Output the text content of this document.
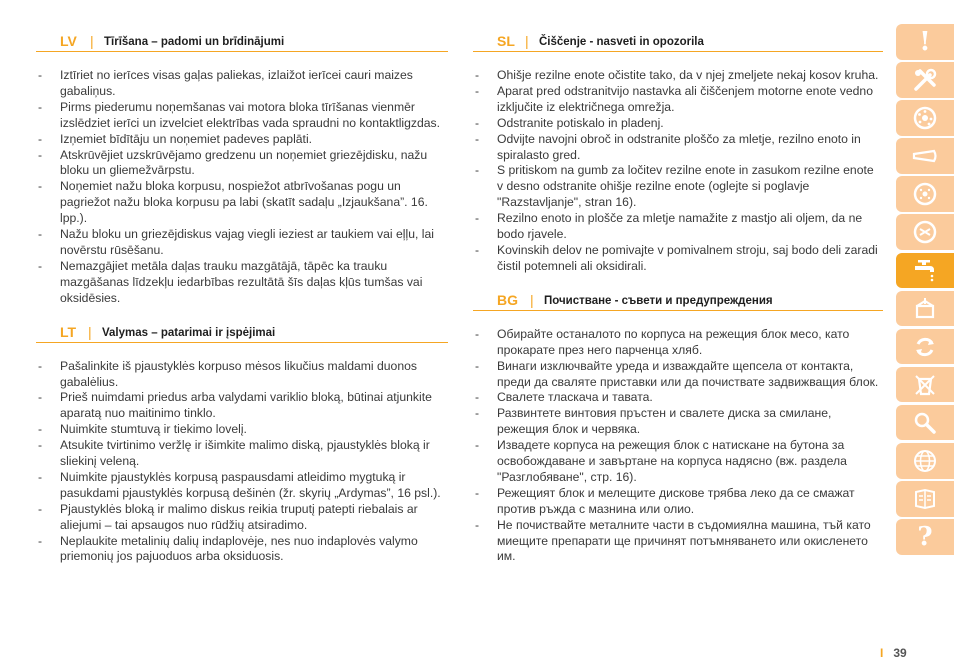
LV | Tīrīšana – padomi un brīdinājumi
- Iztīriet no ierīces visas gaļas paliekas, izlaižot ierīcei cauri maizes gabaliņus.
- Pirms piederumu noņemšanas vai motora bloka tīrīšanas vienmēr izslēdziet ierīci un izvelciet elektrības vada spraudni no kontaktligzdas.
- Izņemiet bīdītāju un noņemiet padeves paplāti.
- Atskrūvējiet uzskrūvējamo gredzenu un noņemiet griezējdisku, nažu bloku un gliemežvārpstu.
- Noņemiet nažu bloka korpusu, nospiežot atbrīvošanas pogu un pagriežot nažu bloka korpusu pa labi (skatīt sadaļu „Izjaukšana”. 16. lpp.).
- Nažu bloku un griezējdiskus vajag viegli ieziest ar taukiem vai eļļu, lai novērstu rūsēšanu.
- Nemazgājiet metāla daļas trauku mazgātājā, tāpēc ka trauku mazgāšanas līdzekļu iedarbības rezultātā šīs daļas kļūs tumšas vai oksidēsies.
LT | Valymas – patarimai ir įspėjimai
- Pašalinkite iš pjaustyklės korpuso mėsos likučius maldami duonos gabalėlius.
- Prieš nuimdami priedus arba valydami variklio bloką, būtinai atjunkite aparatą nuo maitinimo tinklo.
- Nuimkite stumtuvą ir tiekimo lovelį.
- Atsukite tvirtinimo veržlę ir išimkite malimo diską, pjaustyklės bloką ir sliekinį veleną.
- Nuimkite pjaustyklės korpusą paspausdami atleidimo mygtuką ir pasukdami pjaustyklės korpusą dešinėn (žr. skyrių „Ardymas”, 16 psl.).
- Pjaustyklės bloką ir malimo diskus reikia truputį patepti riebalais ar aliejumi – tai apsaugos nuo rūdžių atsiradimo.
- Neplaukite metalinių dalių indaplovėje, nes nuo indaplovės valymo priemonių jos pajuoduos arba oksiduosis.
SL | Čiščenje - nasveti in opozorila
- Ohišje rezilne enote očistite tako, da v njej zmeljete nekaj kosov kruha.
- Aparat pred odstranitvijo nastavka ali čiščenjem motorne enote vedno izključite iz električnega omrežja.
- Odstranite potiskalo in pladenj.
- Odvijte navojni obroč in odstranite ploščo za mletje, rezilno enoto in spiralasto gred.
- S pritiskom na gumb za ločitev rezilne enote in zasukom rezilne enote v desno odstranite ohišje rezilne enote (oglejte si poglavje "Razstavljanje", stran 16).
- Rezilno enoto in plošče za mletje namažite z mastjo ali oljem, da ne bodo rjavele.
- Kovinskih delov ne pomivajte v pomivalnem stroju, saj bodo deli zaradi čistil potemneli ali oksidirali.
BG | Почистване - съвети и предупреждения
- Обирайте останалото по корпуса на режещия блок месо, като прокарате през него парченца хляб.
- Винаги изключвайте уреда и изваждайте щепсела от контакта, преди да сваляте приставки или да почиствате задвижващия блок.
- Свалете тласкача и тавата.
- Развинтете винтовия пръстен и свалете диска за смилане, режещия блок и червяка.
- Извадете корпуса на режещия блок с натискане на бутона за освобождаване и завъртане на корпуса надясно (вж. раздела "Разглобяване", стр. 16).
- Режещият блок и мелещите дискове трябва леко да се смажат против ръжда с мазнина или олио.
- Не почиствайте металните части в съдомиялна машина, тъй като миещите препарати ще причинят потъмняването или окисленето им.
!
?
I 39
